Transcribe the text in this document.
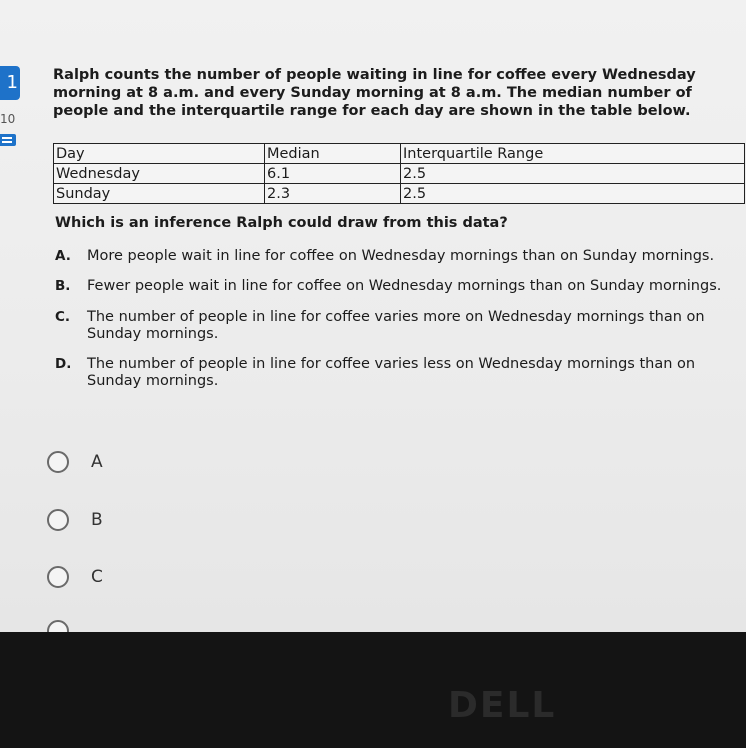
1
10
Ralph counts the number of people waiting in line for coffee every Wednesday morning at 8 a.m. and every Sunday morning at 8 a.m. The median number of people and the interquartile range for each day are shown in the table below.
Day	Median	Interquartile Range
Wednesday	6.1	2.5
Sunday	2.3	2.5
Which is an inference Ralph could draw from this data?
A. More people wait in line for coffee on Wednesday mornings than on Sunday mornings.
B. Fewer people wait in line for coffee on Wednesday mornings than on Sunday mornings.
C. The number of people in line for coffee varies more on Wednesday mornings than on Sunday mornings.
D. The number of people in line for coffee varies less on Wednesday mornings than on Sunday mornings.
A
B
C
DELL
